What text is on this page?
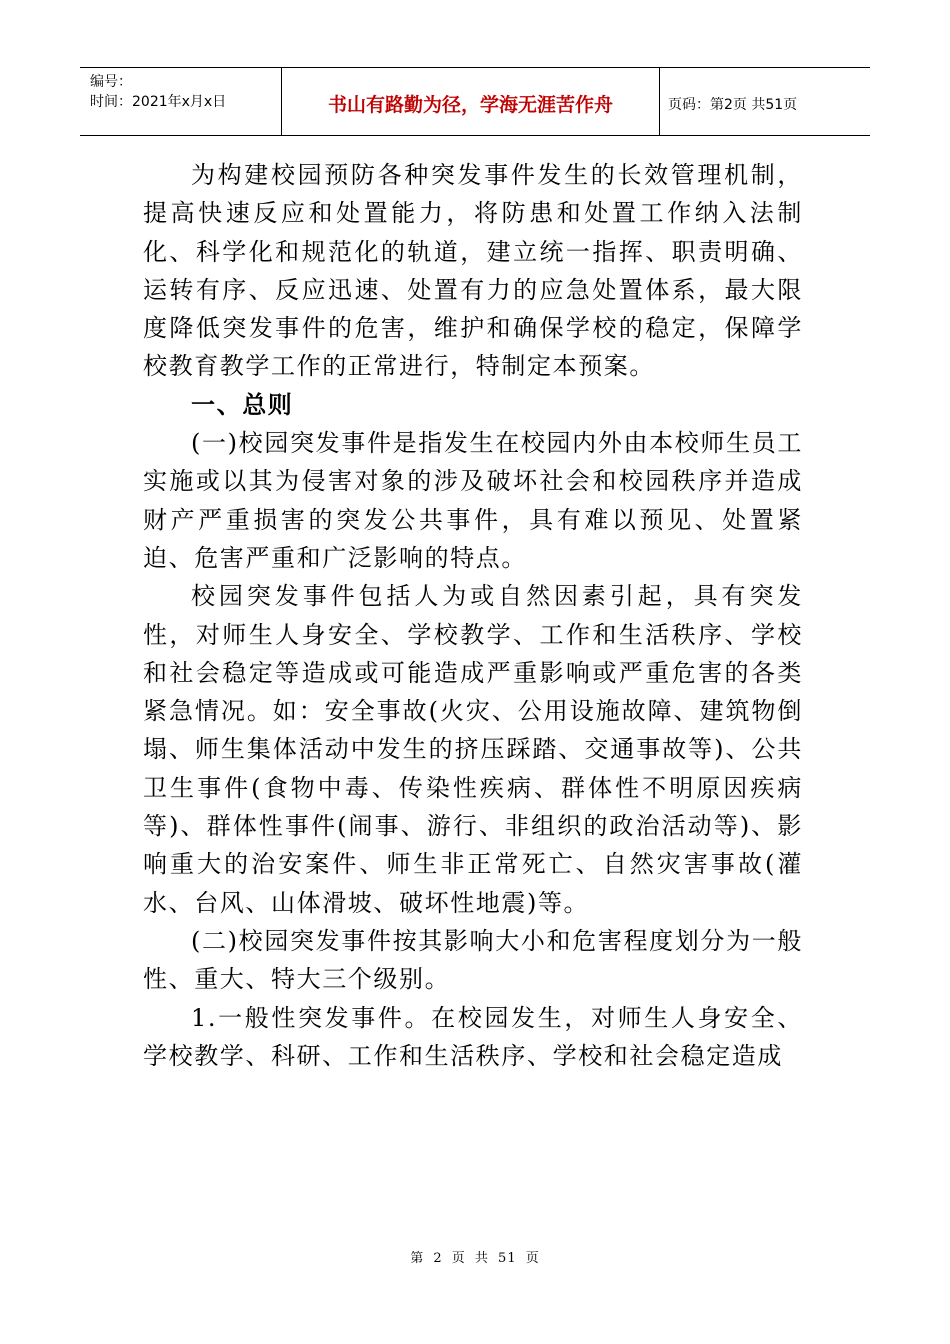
编号：
时间：2021年x月x日	书山有路勤为径，学海无涯苦作舟	页码：第2页 共51页

为构建校园预防各种突发事件发生的长效管理机制，提高快速反应和处置能力，将防患和处置工作纳入法制化、科学化和规范化的轨道，建立统一指挥、职责明确、运转有序、反应迅速、处置有力的应急处置体系，最大限度降低突发事件的危害，维护和确保学校的稳定，保障学校教育教学工作的正常进行，特制定本预案。

一、总则

(一)校园突发事件是指发生在校园内外由本校师生员工实施或以其为侵害对象的涉及破坏社会和校园秩序并造成财产严重损害的突发公共事件，具有难以预见、处置紧迫、危害严重和广泛影响的特点。

校园突发事件包括人为或自然因素引起，具有突发性，对师生人身安全、学校教学、工作和生活秩序、学校和社会稳定等造成或可能造成严重影响或严重危害的各类紧急情况。如：安全事故(火灾、公用设施故障、建筑物倒塌、师生集体活动中发生的挤压踩踏、交通事故等)、公共卫生事件(食物中毒、传染性疾病、群体性不明原因疾病等)、群体性事件(闹事、游行、非组织的政治活动等)、影响重大的治安案件、师生非正常死亡、自然灾害事故(灌水、台风、山体滑坡、破坏性地震)等。

(二)校园突发事件按其影响大小和危害程度划分为一般性、重大、特大三个级别。

1.一般性突发事件。在校园发生，对师生人身安全、学校教学、科研、工作和生活秩序、学校和社会稳定造成

第 2 页 共 51 页
